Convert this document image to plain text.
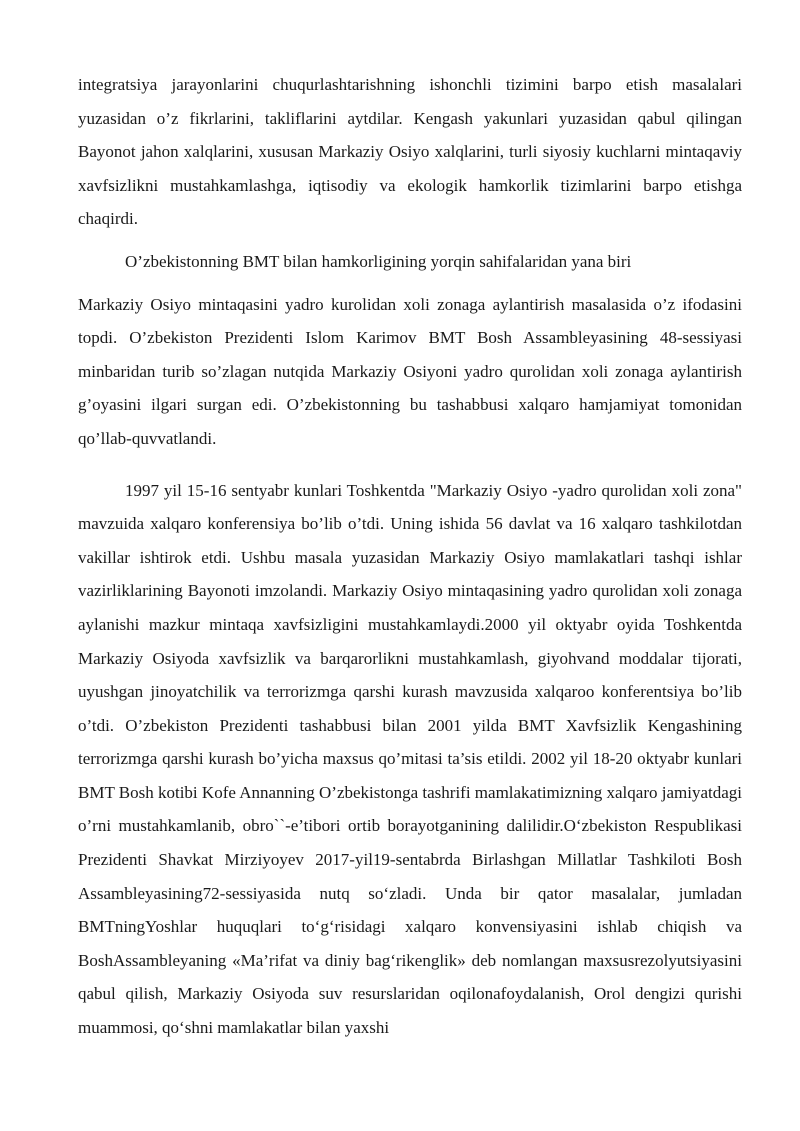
integratsiya jarayonlarini chuqurlashtarishning ishonchli tizimini barpo etish masalalari yuzasidan o’z fikrlarini, takliflarini aytdilar. Kengash yakunlari yuzasidan qabul qilingan Bayonot jahon xalqlarini, xususan Markaziy Osiyo xalqlarini, turli siyosiy kuchlarni mintaqaviy xavfsizlikni mustahkamlashga, iqtisodiy va ekologik hamkorlik tizimlarini barpo etishga chaqirdi.

O’zbekistonning BMT bilan hamkorligining yorqin sahifalaridan yana biri

Markaziy Osiyo mintaqasini yadro kurolidan xoli zonaga aylantirish masalasida o’z ifodasini topdi. O’zbekiston Prezidenti Islom Karimov BMT Bosh Assambleyasining 48-sessiyasi minbaridan turib so’zlagan nutqida Markaziy Osiyoni yadro qurolidan xoli zonaga aylantirish g’oyasini ilgari surgan edi. O’zbekistonning bu tashabbusi xalqaro hamjamiyat tomonidan qo’llab-quvvatlandi.

1997 yil 15-16 sentyabr kunlari Toshkentda "Markaziy Osiyo -yadro qurolidan xoli zona" mavzuida xalqaro konferensiya bo’lib o’tdi. Uning ishida 56 davlat va 16 xalqaro tashkilotdan vakillar ishtirok etdi. Ushbu masala yuzasidan Markaziy Osiyo mamlakatlari tashqi ishlar vazirliklarining Bayonoti imzolandi. Markaziy Osiyo mintaqasining yadro qurolidan xoli zonaga aylanishi mazkur mintaqa xavfsizligini mustahkamlaydi.2000 yil oktyabr oyida Toshkentda Markaziy Osiyoda xavfsizlik va barqarorlikni mustahkamlash, giyohvand moddalar tijorati, uyushgan jinoyatchilik va terrorizmga qarshi kurash mavzusida xalqaroo konferentsiya bo’lib o’tdi. O’zbekiston Prezidenti tashabbusi bilan 2001 yilda BMT Xavfsizlik Kengashining terrorizmga qarshi kurash bo’yicha maxsus qo’mitasi ta’sis etildi. 2002 yil 18-20 oktyabr kunlari BMT Bosh kotibi Kofe Annanning O’zbekistonga tashrifi mamlakatimizning xalqaro jamiyatdagi o’rni mustahkamlanib, obro``-e’tibori ortib borayotganining dalilidir.O‘zbekiston Respublikasi Prezidenti Shavkat Mirziyoyev 2017-yil19-sentabrda Birlashgan Millatlar Tashkiloti Bosh Assambleyasining72-sessiyasida nutq so‘zladi. Unda bir qator masalalar, jumladan BMTningYoshlar huquqlari to‘g‘risidagi xalqaro konvensiyasini ishlab chiqish va BoshAssambleyaning «Ma’rifat va diniy bag‘rikenglik» deb nomlangan maxsusrezolyutsiyasini qabul qilish, Markaziy Osiyoda suv resurslaridan oqilonafoydalanish, Orol dengizi qurishi muammosi, qo‘shni mamlakatlar bilan yaxshi
